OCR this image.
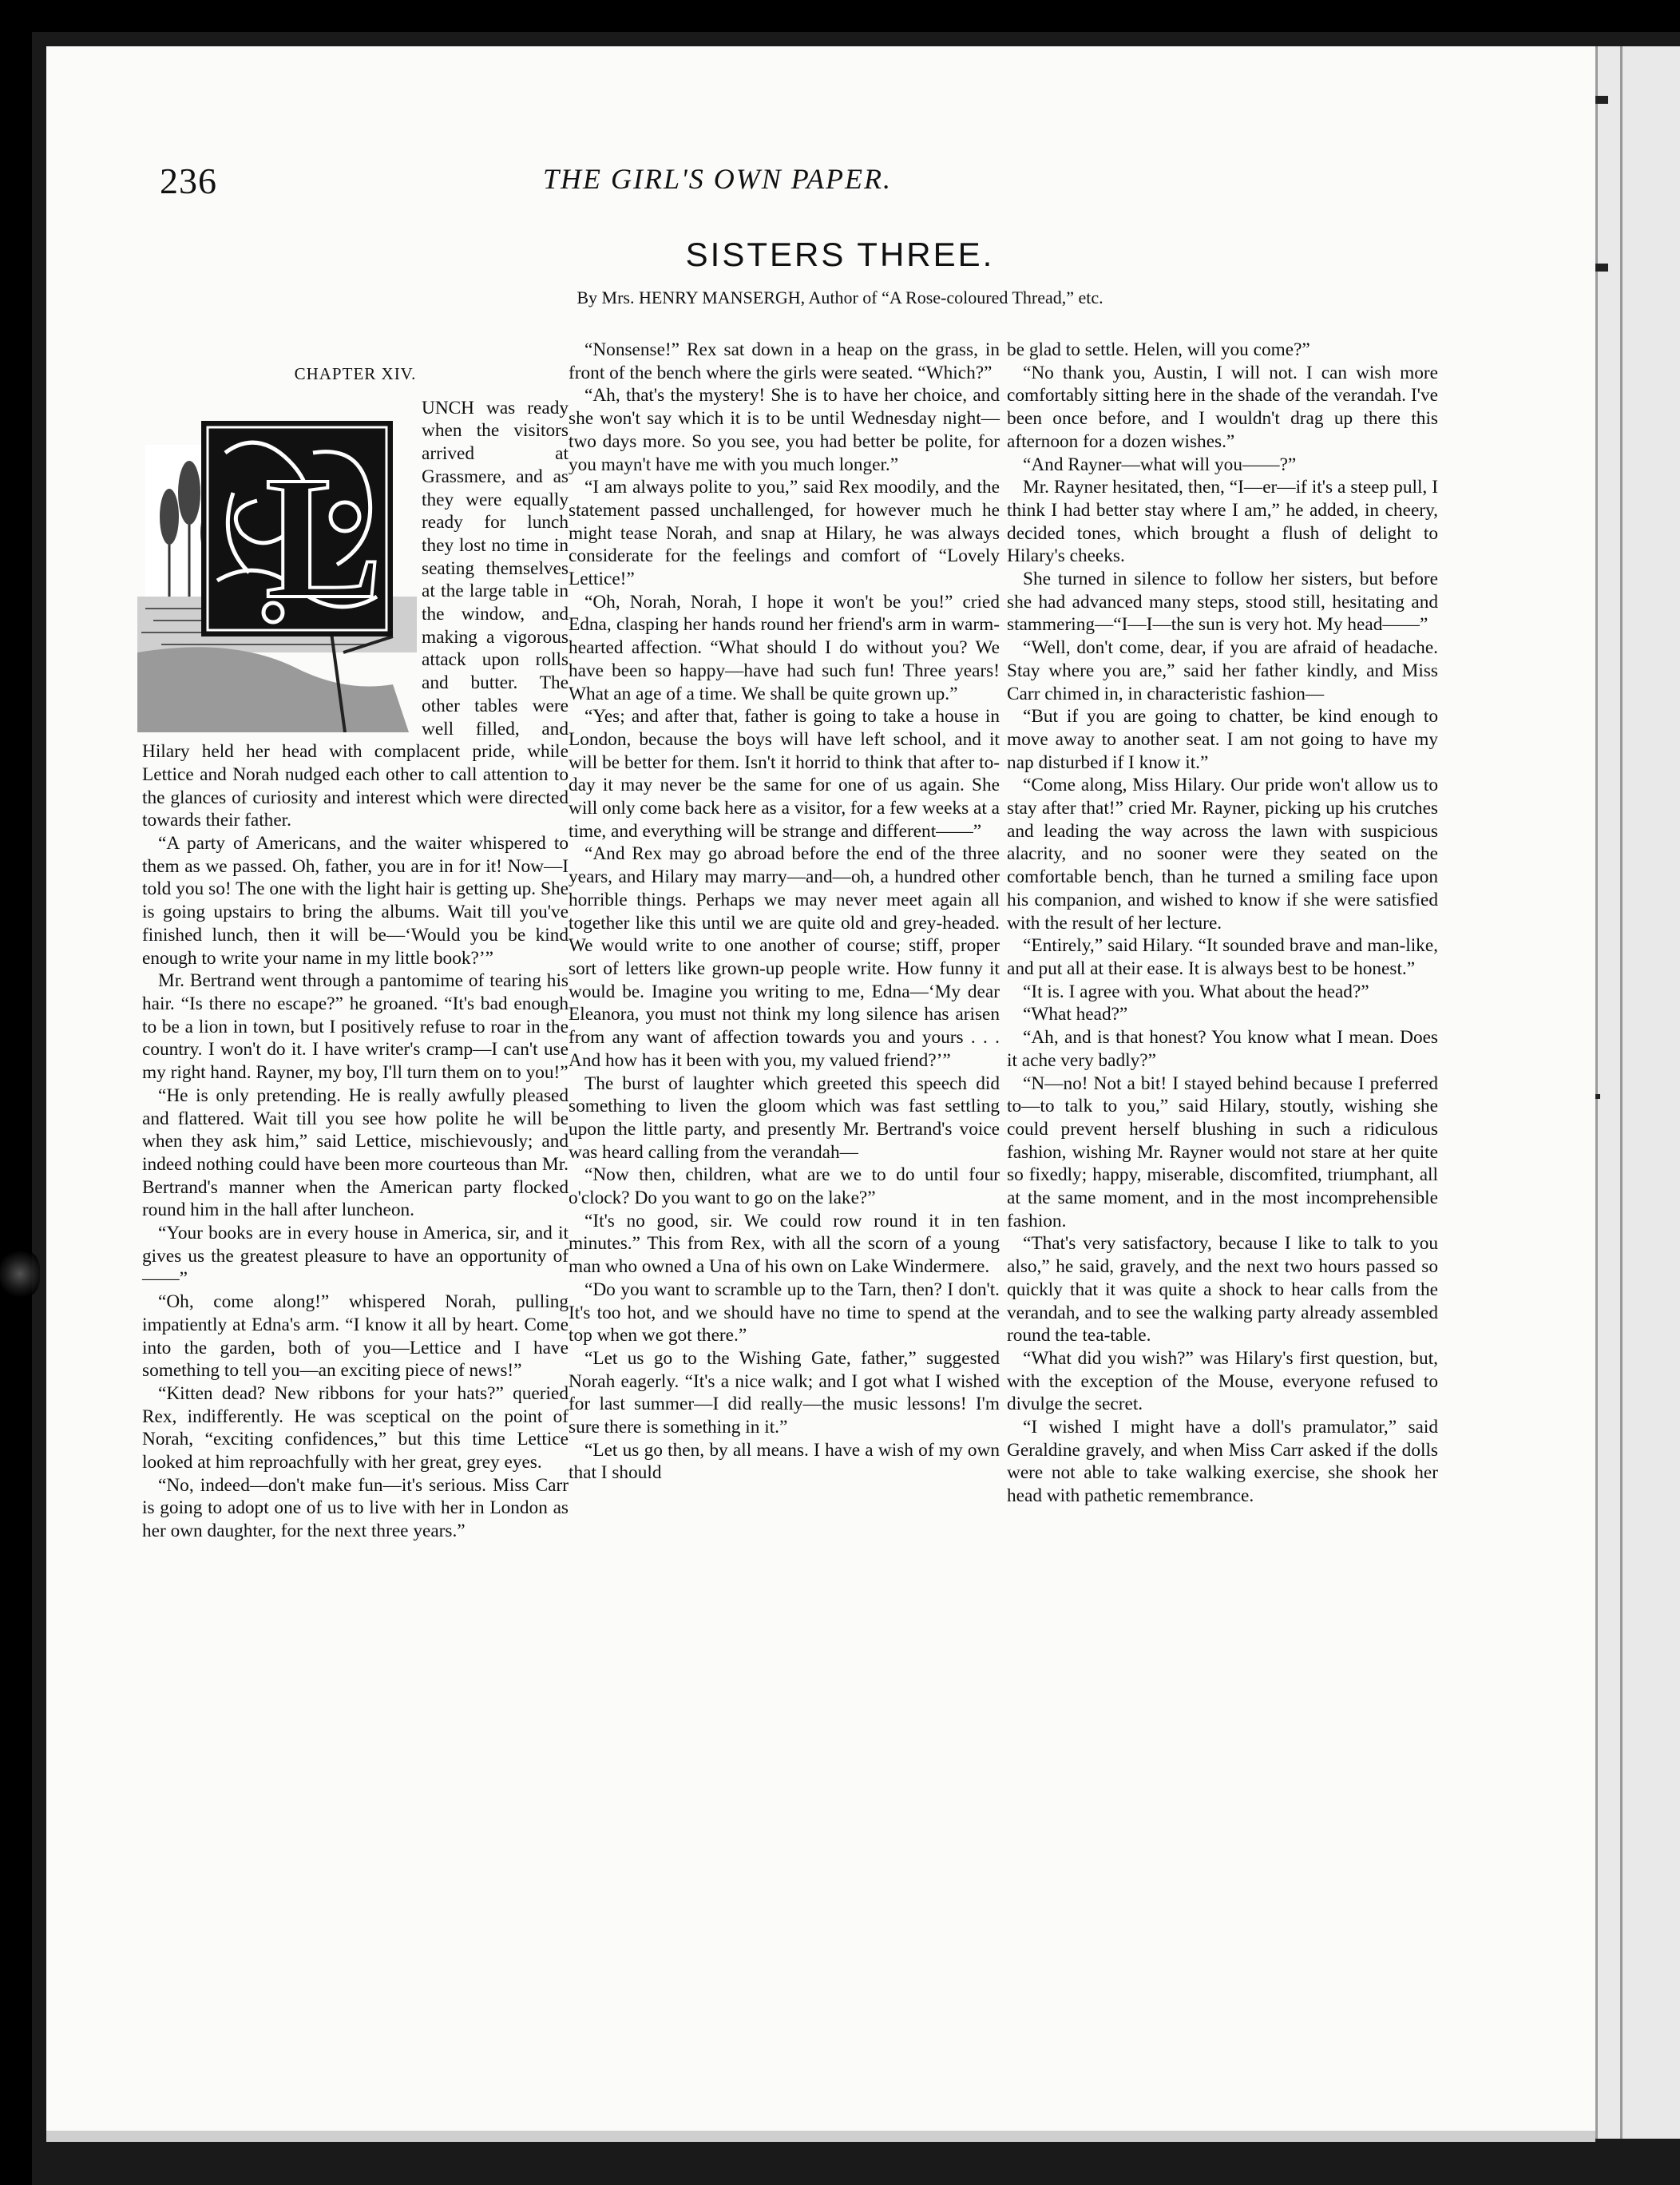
236	THE GIRL'S OWN PAPER.
SISTERS THREE.
By Mrs. HENRY MANSERGH, Author of “A Rose-coloured Thread,” etc.
CHAPTER XIV.
L

UNCH was ready when the visitors arrived at Grassmere, and as they were equally ready for lunch they lost no time in seating themselves at the large table in the window, and making a vigorous attack upon rolls and butter. The other tables were well filled, and Hilary held her head with complacent pride, while Lettice and Norah nudged each other to call attention to the glances of curiosity and interest which were directed towards their father.

“A party of Americans, and the waiter whispered to them as we passed. Oh, father, you are in for it! Now—I told you so! The one with the light hair is getting up. She is going upstairs to bring the albums. Wait till you've finished lunch, then it will be—‘Would you be kind enough to write your name in my little book?’”

Mr. Bertrand went through a pantomime of tearing his hair. “Is there no escape?” he groaned. “It's bad enough to be a lion in town, but I positively refuse to roar in the country. I won't do it. I have writer's cramp—I can't use my right hand. Rayner, my boy, I'll turn them on to you!”

“He is only pretending. He is really awfully pleased and flattered. Wait till you see how polite he will be when they ask him,” said Lettice, mischievously; and indeed nothing could have been more courteous than Mr. Bertrand's manner when the American party flocked round him in the hall after luncheon.

“Your books are in every house in America, sir, and it gives us the greatest pleasure to have an opportunity of——”

“Oh, come along!” whispered Norah, pulling impatiently at Edna's arm. “I know it all by heart. Come into the garden, both of you—Lettice and I have something to tell you—an exciting piece of news!”

“Kitten dead? New ribbons for your hats?” queried Rex, indifferently. He was sceptical on the point of Norah, “exciting confidences,” but this time Lettice looked at him reproachfully with her great, grey eyes.

“No, indeed—don't make fun—it's serious. Miss Carr is going to adopt one of us to live with her in London as her own daughter, for the next three years.”

“Nonsense!” Rex sat down in a heap on the grass, in front of the bench where the girls were seated. “Which?”

“Ah, that's the mystery! She is to have her choice, and she won't say which it is to be until Wednesday night—two days more. So you see, you had better be polite, for you mayn't have me with you much longer.”

“I am always polite to you,” said Rex moodily, and the statement passed unchallenged, for however much he might tease Norah, and snap at Hilary, he was always considerate for the feelings and comfort of “Lovely Lettice!”

“Oh, Norah, Norah, I hope it won't be you!” cried Edna, clasping her hands round her friend's arm in warm-hearted affection. “What should I do without you? We have been so happy—have had such fun! Three years! What an age of a time. We shall be quite grown up.”

“Yes; and after that, father is going to take a house in London, because the boys will have left school, and it will be better for them. Isn't it horrid to think that after to-day it may never be the same for one of us again. She will only come back here as a visitor, for a few weeks at a time, and everything will be strange and different——”

“And Rex may go abroad before the end of the three years, and Hilary may marry—and—oh, a hundred other horrible things. Perhaps we may never meet again all together like this until we are quite old and grey-headed. We would write to one another of course; stiff, proper sort of letters like grown-up people write. How funny it would be. Imagine you writing to me, Edna—‘My dear Eleanora, you must not think my long silence has arisen from any want of affection towards you and yours . . . And how has it been with you, my valued friend?’”

The burst of laughter which greeted this speech did something to liven the gloom which was fast settling upon the little party, and presently Mr. Bertrand's voice was heard calling from the verandah—

“Now then, children, what are we to do until four o'clock? Do you want to go on the lake?”

“It's no good, sir. We could row round it in ten minutes.” This from Rex, with all the scorn of a young man who owned a Una of his own on Lake Windermere.

“Do you want to scramble up to the Tarn, then? I don't. It's too hot, and we should have no time to spend at the top when we got there.”

“Let us go to the Wishing Gate, father,” suggested Norah eagerly. “It's a nice walk; and I got what I wished for last summer—I did really—the music lessons! I'm sure there is something in it.”

“Let us go then, by all means. I have a wish of my own that I should

be glad to settle. Helen, will you come?”

“No thank you, Austin, I will not. I can wish more comfortably sitting here in the shade of the verandah. I've been once before, and I wouldn't drag up there this afternoon for a dozen wishes.”

“And Rayner—what will you——?”

Mr. Rayner hesitated, then, “I—er—if it's a steep pull, I think I had better stay where I am,” he added, in cheery, decided tones, which brought a flush of delight to Hilary's cheeks.

She turned in silence to follow her sisters, but before she had advanced many steps, stood still, hesitating and stammering—“I—I—the sun is very hot. My head——”

“Well, don't come, dear, if you are afraid of headache. Stay where you are,” said her father kindly, and Miss Carr chimed in, in characteristic fashion—

“But if you are going to chatter, be kind enough to move away to another seat. I am not going to have my nap disturbed if I know it.”

“Come along, Miss Hilary. Our pride won't allow us to stay after that!” cried Mr. Rayner, picking up his crutches and leading the way across the lawn with suspicious alacrity, and no sooner were they seated on the comfortable bench, than he turned a smiling face upon his companion, and wished to know if she were satisfied with the result of her lecture.

“Entirely,” said Hilary. “It sounded brave and man-like, and put all at their ease. It is always best to be honest.”

“It is. I agree with you. What about the head?”

“What head?”

“Ah, and is that honest? You know what I mean. Does it ache very badly?”

“N—no! Not a bit! I stayed behind because I preferred to—to talk to you,” said Hilary, stoutly, wishing she could prevent herself blushing in such a ridiculous fashion, wishing Mr. Rayner would not stare at her quite so fixedly; happy, miserable, discomfited, triumphant, all at the same moment, and in the most incomprehensible fashion.

“That's very satisfactory, because I like to talk to you also,” he said, gravely, and the next two hours passed so quickly that it was quite a shock to hear calls from the verandah, and to see the walking party already assembled round the tea-table.

“What did you wish?” was Hilary's first question, but, with the exception of the Mouse, everyone refused to divulge the secret.

“I wished I might have a doll's pramulator,” said Geraldine gravely, and when Miss Carr asked if the dolls were not able to take walking exercise, she shook her head with pathetic remembrance.
